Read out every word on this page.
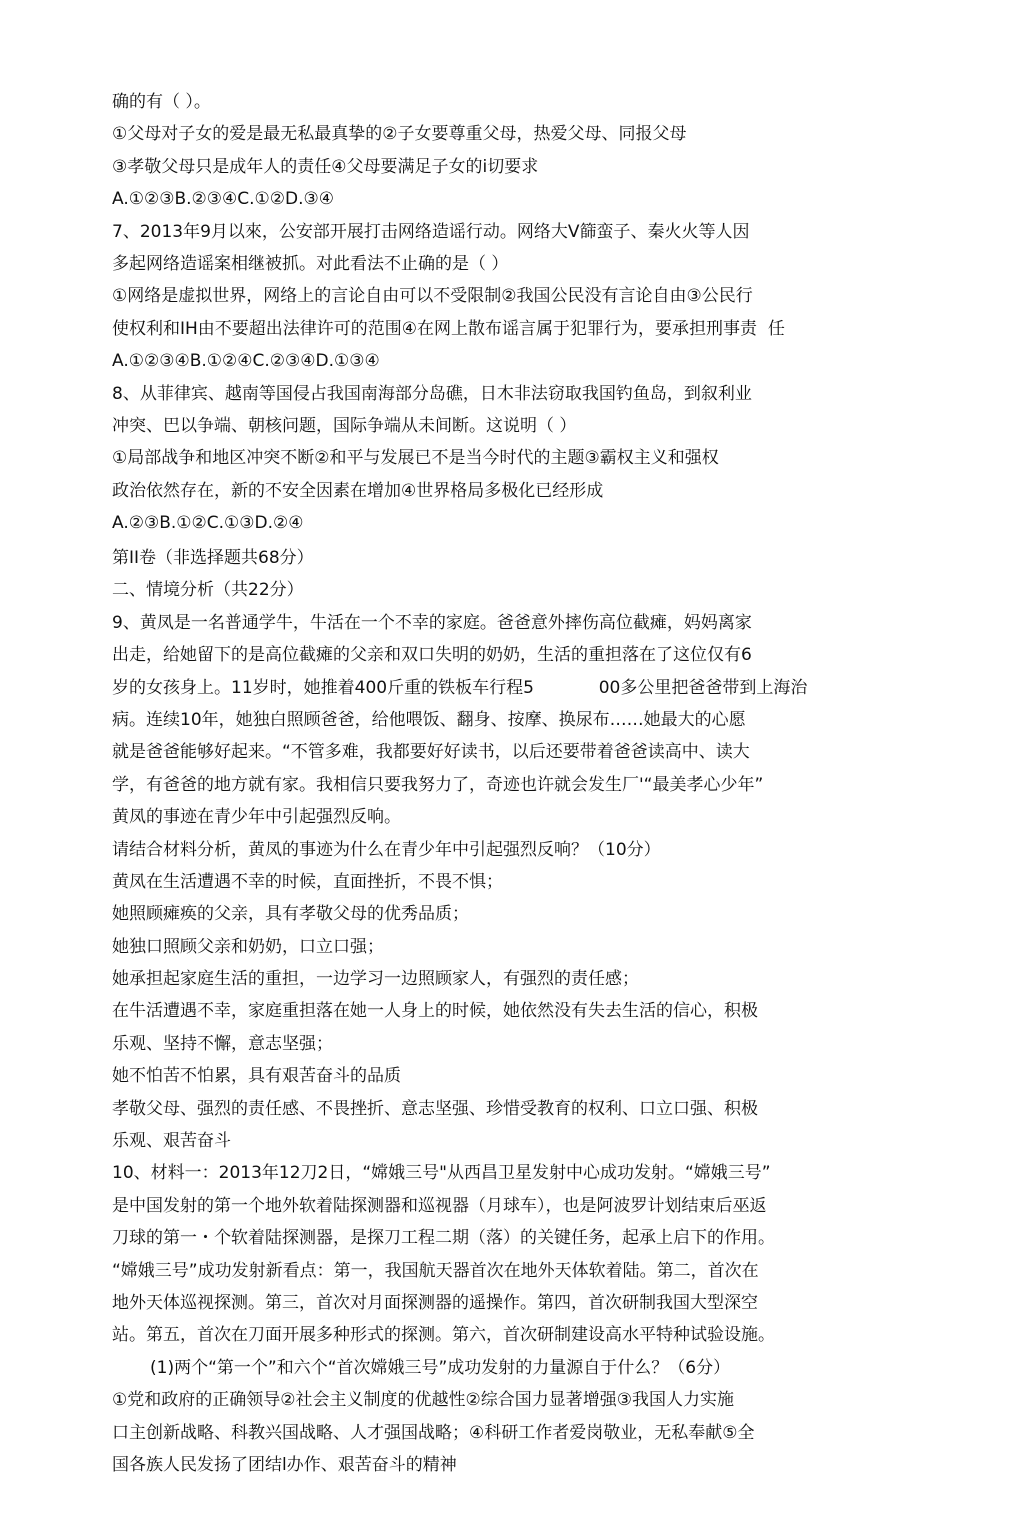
确的有（ ）。
①父母对子女的爱是最无私最真挚的②子女要尊重父母，热爱父母、同报父母
③孝敬父母只是成年人的责任④父母要满足子女的i切要求
A.①②③B.②③④C.①②D.③④
7、2013年9月以來，公安部开展打击网络造谣行动。网络大V篩蛮子、秦火火等人因
多起网络造谣案相继被抓。对此看法不止确的是（ ）
①网络是虚拟世界，网络上的言论自由可以不受限制②我国公民没有言论自由③公民行
使权利和IH由不要超出法律许可的范围④在网上散布谣言属于犯罪行为，要承担刑事责  任
A.①②③④B.①②④C.②③④D.①③④
8、从菲律宾、越南等国侵占我国南海部分岛礁，日木非法窃取我国钓鱼岛，到叙利业
冲突、巴以争端、朝核问题，国际争端从未间断。这说明（ ）
①局部战争和地区冲突不断②和平与发展已不是当今时代的主题③霸权主义和强权
政治依然存在，新的不安全因素在增加④世界格局多极化已经形成
A.②③B.①②C.①③D.②④
第II卷（非选择题共68分）
二、情境分析（共22分）
9、黄凤是一名普通学牛，牛活在一个不幸的家庭。爸爸意外摔伤高位截瘫，妈妈离家
出走，给她留下的是高位截瘫的父亲和双口失明的奶奶，生活的重担落在了这位仅有6
岁的女孩身上。11岁时，她推着400斤重的铁板车行程5            00多公里把爸爸带到上海治
病。连续10年，她独白照顾爸爸，给他喂饭、翻身、按摩、换尿布……她最大的心愿
就是爸爸能够好起来。“不管多难，我都要好好读书，以后还要带着爸爸读高中、读大
学，有爸爸的地方就有家。我相信只要我努力了，奇迹也许就会发生厂'“最美孝心少年”
黄凤的事迹在青少年中引起强烈反响。
请结合材料分析，黄凤的事迹为什么在青少年中引起强烈反响？（10分）
黄凤在生活遭遇不幸的时候，直面挫折，不畏不惧；
她照顾瘫痪的父亲，具有孝敬父母的优秀品质；
她独口照顾父亲和奶奶，口立口强；
她承担起家庭生活的重担，一边学习一边照顾家人，有强烈的责任感；
在牛活遭遇不幸，家庭重担落在她一人身上的时候，她依然没有失去生活的信心，积极
乐观、坚持不懈，意志坚强；
她不怕苦不怕累，具有艰苦奋斗的品质
孝敬父母、强烈的责任感、不畏挫折、意志坚强、珍惜受教育的权利、口立口强、积极
乐观、艰苦奋斗
10、材料一：2013年12刀2日，“嫦娥三号"从西昌卫星发射中心成功发射。“嫦娥三号”
是中国发射的第一个地外软着陆探测器和巡视器（月球车），也是阿波罗计划结束后巫返
刀球的第一・个软着陆探测器，是探刀工程二期（落）的关键任务，起承上启下的作用。
“嫦娥三号”成功发射新看点：第一，我国航天器首次在地外天体软着陆。第二，首次在
地外天体巡视探测。第三，首次对月面探测器的遥操作。第四，首次研制我国大型深空
站。第五，首次在刀面开展多种形式的探测。第六，首次研制建设高水平特种试验设施。
(1)两个“第一个”和六个“首次嫦娥三号”成功发射的力量源自于什么？（6分）
①党和政府的正确领导②社会主义制度的优越性②综合国力显著增强③我国人力实施
口主创新战略、科教兴国战略、人才强国战略；④科研工作者爱岗敬业，无私奉献⑤全
国各族人民发扬了团结l办作、艰苦奋斗的精神
